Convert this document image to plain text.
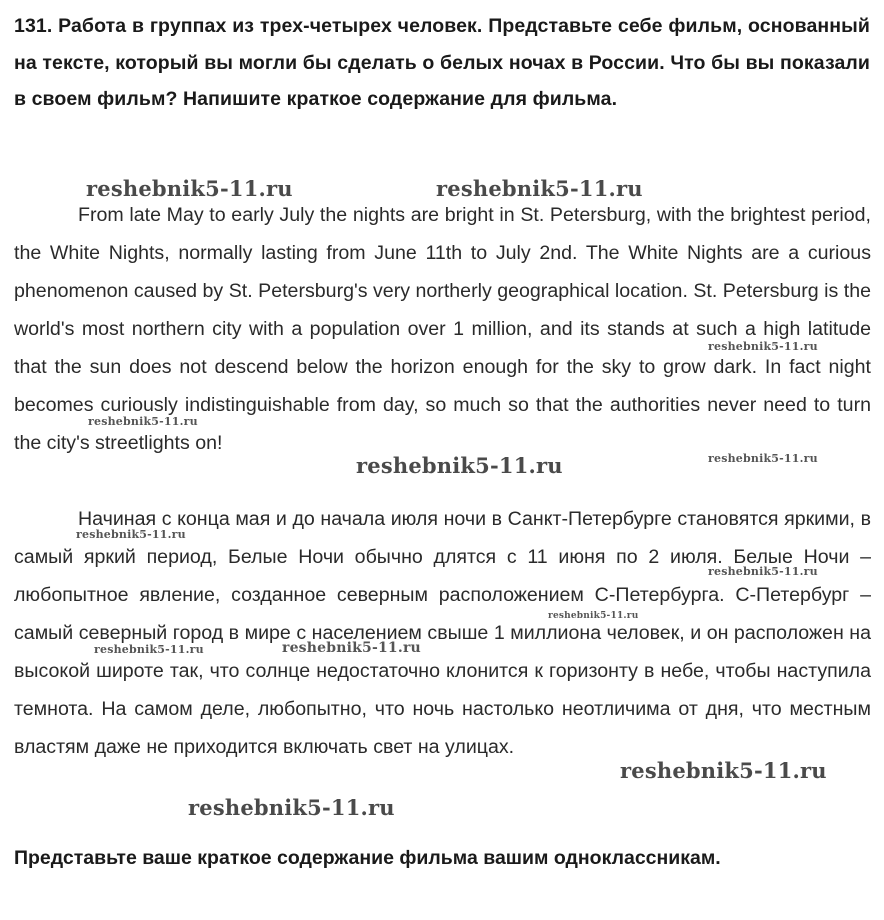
131. Работа в группах из трех-четырех человек. Представьте себе фильм, основанный на тексте, который вы могли бы сделать о белых ночах в России. Что бы вы показали в своем фильм? Напишите краткое содержание для фильма.

From late May to early July the nights are bright in St. Petersburg, with the brightest period, the White Nights, normally lasting from June 11th to July 2nd. The White Nights are a curious phenomenon caused by St. Petersburg's very northerly geographical location. St. Petersburg is the world's most northern city with a population over 1 million, and its stands at such a high latitude that the sun does not descend below the horizon enough for the sky to grow dark. In fact night becomes curiously indistinguishable from day, so much so that the authorities never need to turn the city's streetlights on!

Начиная с конца мая и до начала июля ночи в Санкт-Петербурге становятся яркими, в самый яркий период, Белые Ночи обычно длятся с 11 июня по 2 июля. Белые Ночи – любопытное явление, созданное северным расположением С-Петербурга. С-Петербург – самый северный город в мире с населением свыше 1 миллиона человек, и он расположен на высокой широте так, что солнце недостаточно клонится к горизонту в небе, чтобы наступила темнота. На самом деле, любопытно, что ночь настолько неотличима от дня, что местным властям даже не приходится включать свет на улицах.

Представьте ваше краткое содержание фильма вашим одноклассникам.

reshebnik5-11.ru	reshebnik5-11.ru
reshebnik5-11.ru
reshebnik5-11.ru
reshebnik5-11.ru	reshebnik5-11.ru
reshebnik5-11.ru
reshebnik5-11.ru
reshebnik5-11.ru
reshebnik5-11.ru	reshebnik5-11.ru
reshebnik5-11.ru
reshebnik5-11.ru
